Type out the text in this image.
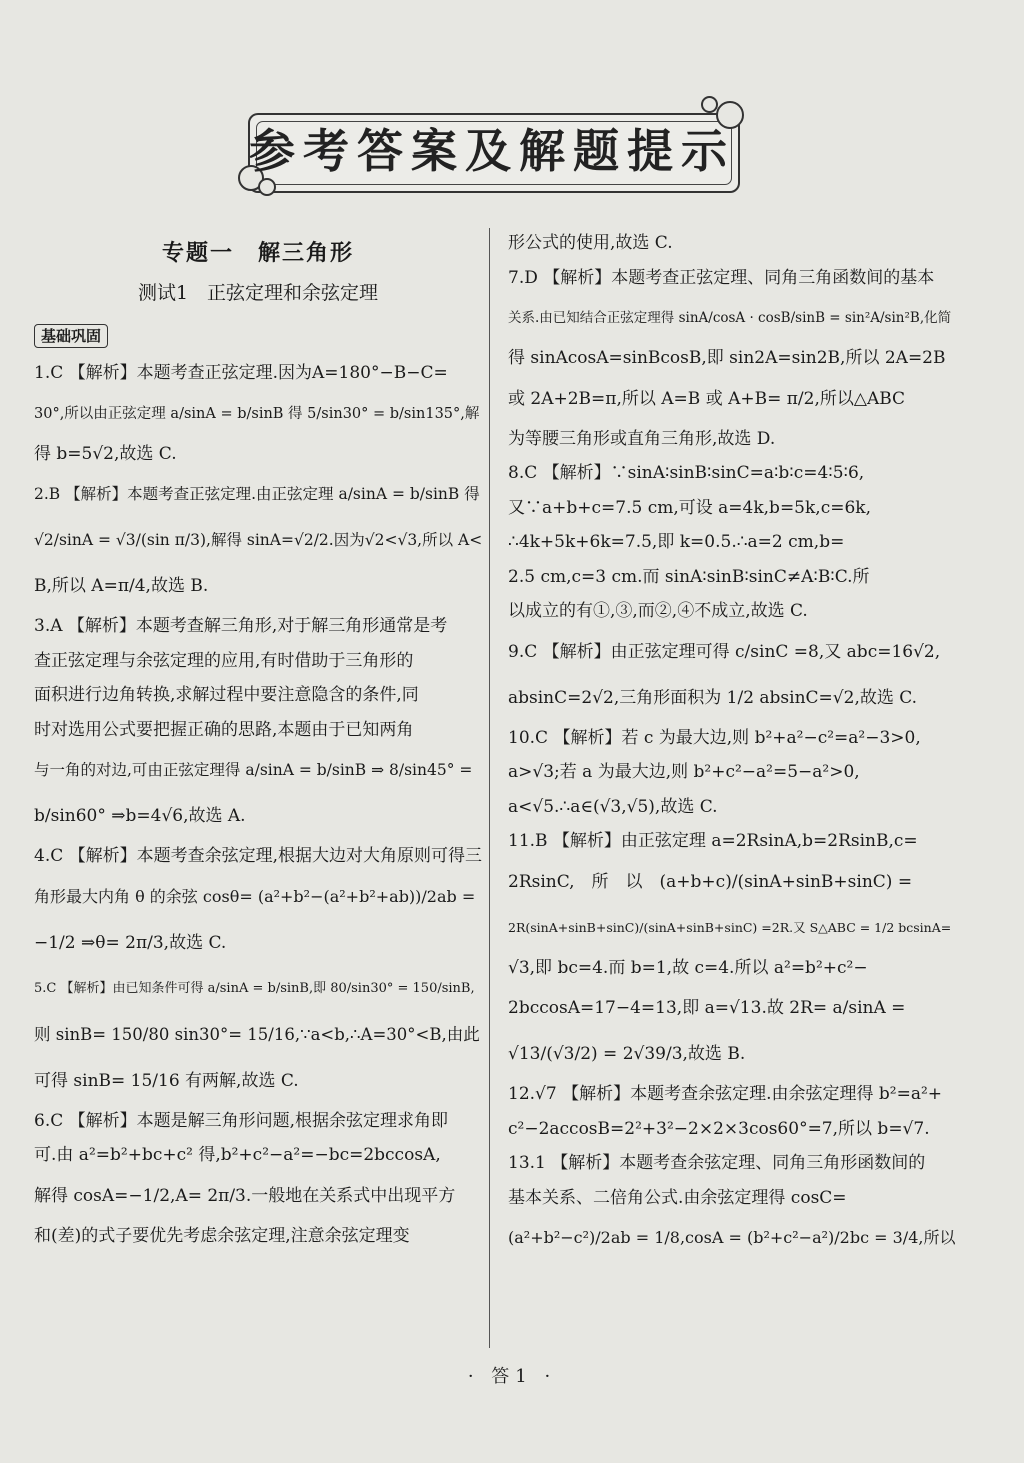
参考答案及解题提示
专题一　解三角形
测试1　正弦定理和余弦定理
基础巩固
1.C 【解析】本题考查正弦定理.因为A=180°−B−C=
30°,所以由正弦定理 a/sinA = b/sinB 得 5/sin30° = b/sin135°,解
得 b=5√2,故选 C.
2.B 【解析】本题考查正弦定理.由正弦定理 a/sinA = b/sinB 得
√2/sinA = √3/(sin π/3),解得 sinA=√2/2.因为√2<√3,所以 A<
B,所以 A=π/4,故选 B.
3.A 【解析】本题考查解三角形,对于解三角形通常是考
查正弦定理与余弦定理的应用,有时借助于三角形的
面积进行边角转换,求解过程中要注意隐含的条件,同
时对选用公式要把握正确的思路,本题由于已知两角
与一角的对边,可由正弦定理得 a/sinA = b/sinB ⇒ 8/sin45° =
b/sin60° ⇒b=4√6,故选 A.
4.C 【解析】本题考查余弦定理,根据大边对大角原则可得三
角形最大内角 θ 的余弦 cosθ= (a²+b²−(a²+b²+ab))/2ab =
−1/2 ⇒θ= 2π/3,故选 C.
5.C 【解析】由已知条件可得 a/sinA = b/sinB,即 80/sin30° = 150/sinB,
则 sinB= 150/80 sin30°= 15/16,∵a<b,∴A=30°<B,由此
可得 sinB= 15/16 有两解,故选 C.
6.C 【解析】本题是解三角形问题,根据余弦定理求角即
可.由 a²=b²+bc+c² 得,b²+c²−a²=−bc=2bccosA,
解得 cosA=−1/2,A= 2π/3.一般地在关系式中出现平方
和(差)的式子要优先考虑余弦定理,注意余弦定理变
形公式的使用,故选 C.
7.D 【解析】本题考查正弦定理、同角三角函数间的基本
关系.由已知结合正弦定理得 sinA/cosA · cosB/sinB = sin²A/sin²B,化简
得 sinAcosA=sinBcosB,即 sin2A=sin2B,所以 2A=2B
或 2A+2B=π,所以 A=B 或 A+B= π/2,所以△ABC
为等腰三角形或直角三角形,故选 D.
8.C 【解析】∵sinA∶sinB∶sinC=a∶b∶c=4∶5∶6,
又∵a+b+c=7.5 cm,可设 a=4k,b=5k,c=6k,
∴4k+5k+6k=7.5,即 k=0.5.∴a=2 cm,b=
2.5 cm,c=3 cm.而 sinA∶sinB∶sinC≠A∶B∶C.所
以成立的有①,③,而②,④不成立,故选 C.
9.C 【解析】由正弦定理可得 c/sinC =8,又 abc=16√2,
absinC=2√2,三角形面积为 1/2 absinC=√2,故选 C.
10.C 【解析】若 c 为最大边,则 b²+a²−c²=a²−3>0,
a>√3;若 a 为最大边,则 b²+c²−a²=5−a²>0,
a<√5.∴a∈(√3,√5),故选 C.
11.B 【解析】由正弦定理 a=2RsinA,b=2RsinB,c=
2RsinC,　所　以　(a+b+c)/(sinA+sinB+sinC) =
2R(sinA+sinB+sinC)/(sinA+sinB+sinC) =2R.又 S△ABC = 1/2 bcsinA=
√3,即 bc=4.而 b=1,故 c=4.所以 a²=b²+c²−
2bccosA=17−4=13,即 a=√13.故 2R= a/sinA =
√13/(√3/2) = 2√39/3,故选 B.
12.√7 【解析】本题考查余弦定理.由余弦定理得 b²=a²+
c²−2accosB=2²+3²−2×2×3cos60°=7,所以 b=√7.
13.1 【解析】本题考查余弦定理、同角三角形函数间的
基本关系、二倍角公式.由余弦定理得 cosC=
(a²+b²−c²)/2ab = 1/8,cosA = (b²+c²−a²)/2bc = 3/4,所以
· 答1 ·
